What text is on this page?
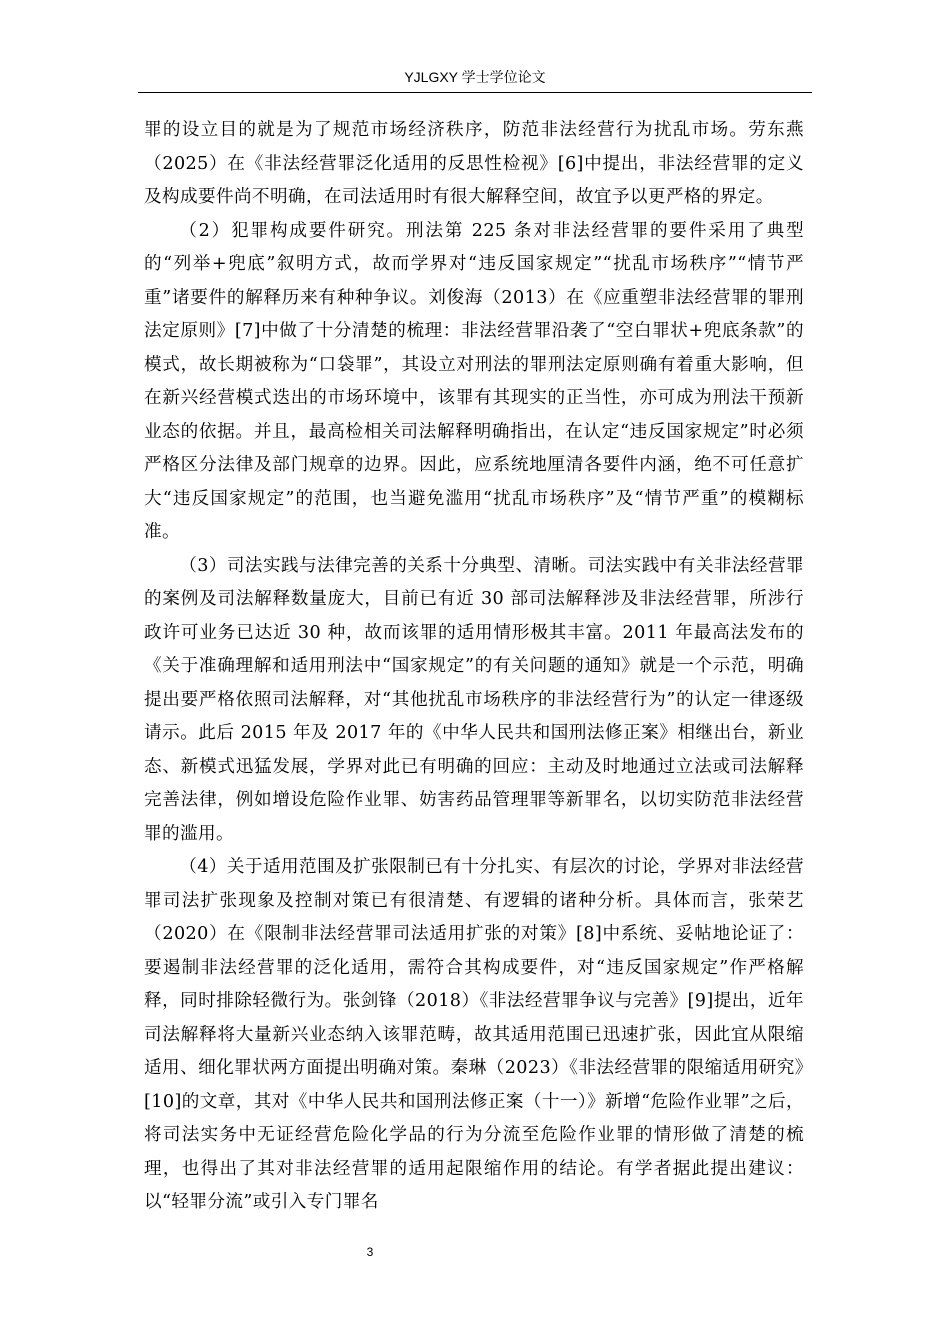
YJLGXY 学士学位论文

罪的设立目的就是为了规范市场经济秩序，防范非法经营行为扰乱市场。劳东燕（2025）在《非法经营罪泛化适用的反思性检视》[6]中提出，非法经营罪的定义及构成要件尚不明确，在司法适用时有很大解释空间，故宜予以更严格的界定。

（2）犯罪构成要件研究。刑法第 225 条对非法经营罪的要件采用了典型的“列举+兜底”叙明方式，故而学界对“违反国家规定”“扰乱市场秩序”“情节严重”诸要件的解释历来有种种争议。刘俊海（2013）在《应重塑非法经营罪的罪刑法定原则》[7]中做了十分清楚的梳理：非法经营罪沿袭了“空白罪状+兜底条款”的模式，故长期被称为“口袋罪”，其设立对刑法的罪刑法定原则确有着重大影响，但在新兴经营模式迭出的市场环境中，该罪有其现实的正当性，亦可成为刑法干预新业态的依据。并且，最高检相关司法解释明确指出，在认定“违反国家规定”时必须严格区分法律及部门规章的边界。因此，应系统地厘清各要件内涵，绝不可任意扩大“违反国家规定”的范围，也当避免滥用“扰乱市场秩序”及“情节严重”的模糊标准。

（3）司法实践与法律完善的关系十分典型、清晰。司法实践中有关非法经营罪的案例及司法解释数量庞大，目前已有近 30 部司法解释涉及非法经营罪，所涉行政许可业务已达近 30 种，故而该罪的适用情形极其丰富。2011 年最高法发布的《关于准确理解和适用刑法中“国家规定”的有关问题的通知》就是一个示范，明确提出要严格依照司法解释，对“其他扰乱市场秩序的非法经营行为”的认定一律逐级请示。此后 2015 年及 2017 年的《中华人民共和国刑法修正案》相继出台，新业态、新模式迅猛发展，学界对此已有明确的回应：主动及时地通过立法或司法解释完善法律，例如增设危险作业罪、妨害药品管理罪等新罪名，以切实防范非法经营罪的滥用。

（4）关于适用范围及扩张限制已有十分扎实、有层次的讨论，学界对非法经营罪司法扩张现象及控制对策已有很清楚、有逻辑的诸种分析。具体而言，张荣艺（2020）在《限制非法经营罪司法适用扩张的对策》[8]中系统、妥帖地论证了：要遏制非法经营罪的泛化适用，需符合其构成要件，对“违反国家规定”作严格解释，同时排除轻微行为。张剑锋（2018）《非法经营罪争议与完善》[9]提出，近年司法解释将大量新兴业态纳入该罪范畴，故其适用范围已迅速扩张，因此宜从限缩适用、细化罪状两方面提出明确对策。秦琳（2023）《非法经营罪的限缩适用研究》[10]的文章，其对《中华人民共和国刑法修正案（十一）》新增“危险作业罪”之后，将司法实务中无证经营危险化学品的行为分流至危险作业罪的情形做了清楚的梳理，也得出了其对非法经营罪的适用起限缩作用的结论。有学者据此提出建议：以“轻罪分流”或引入专门罪名

3
